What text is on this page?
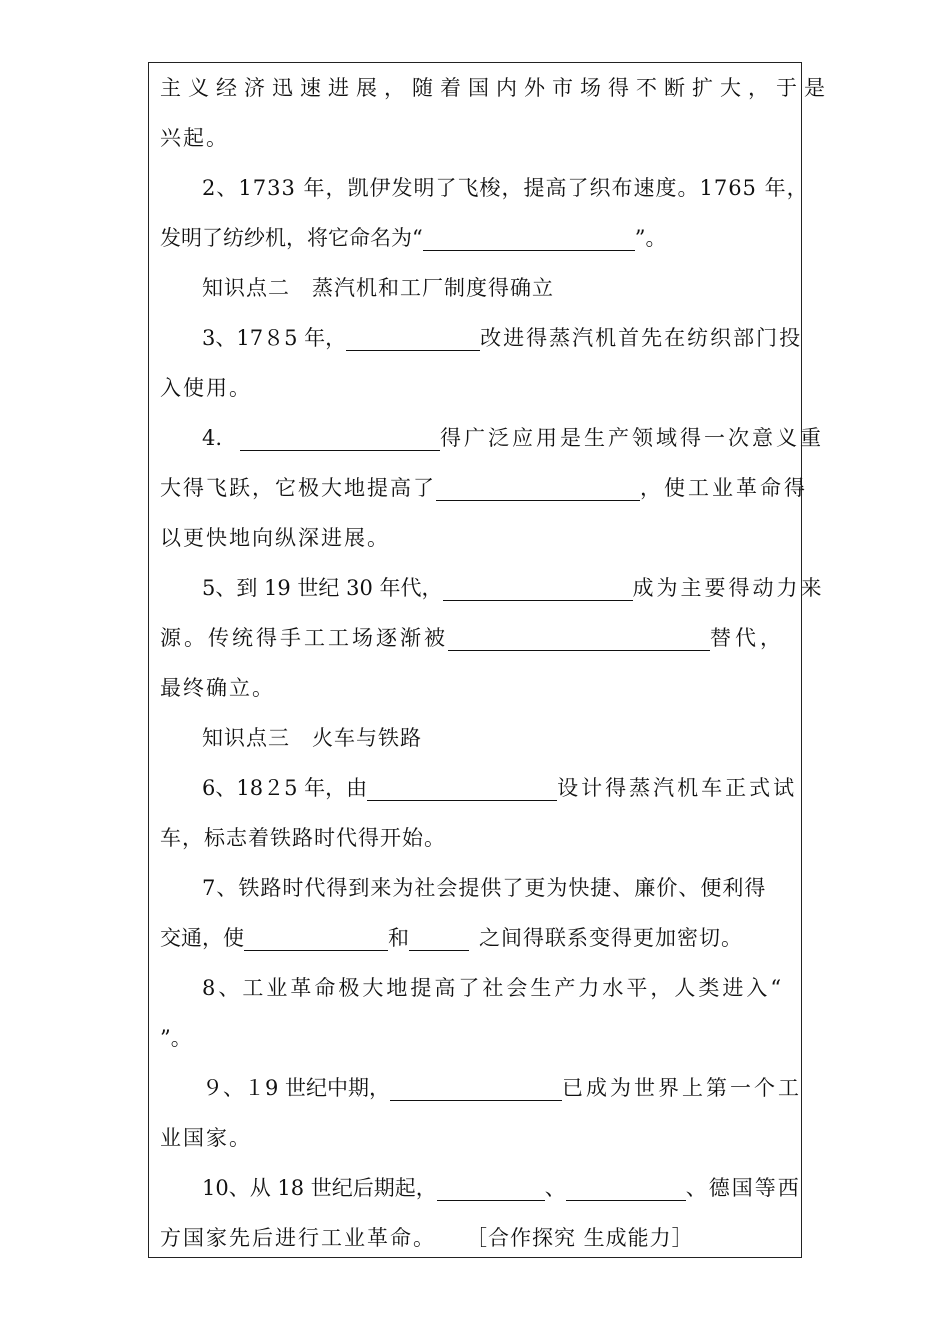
主义经济迅速进展，随着国内外市场得不断扩大，于是
兴起。
2、1733 年，凯伊发明了飞梭，提高了织布速度。1765 年，
发明了纺纱机，将它命名为“	”。
知识点二　蒸汽机和工厂制度得确立
3、17８5 年，	改进得蒸汽机首先在纺织部门投
入使用。
4.	得广泛应用是生产领域得一次意义重
大得飞跃，它极大地提高了	，使工业革命得
以更快地向纵深进展。
5、到 19 世纪 30 年代，	成为主要得动力来
源。传统得手工工场逐渐被	替代，
最终确立。
知识点三　火车与铁路
6、18２5 年，由	设计得蒸汽机车正式试
车，标志着铁路时代得开始。
7、铁路时代得到来为社会提供了更为快捷、廉价、便利得
交通，使	和	之间得联系变得更加密切。
8、工业革命极大地提高了社会生产力水平，人类进入“
”。
９、１9 世纪中期，	已成为世界上第一个工
业国家。
10、从 18 世纪后期起，	、	、德国等西
方国家先后进行工业革命。 ［合作探究 生成能力］
